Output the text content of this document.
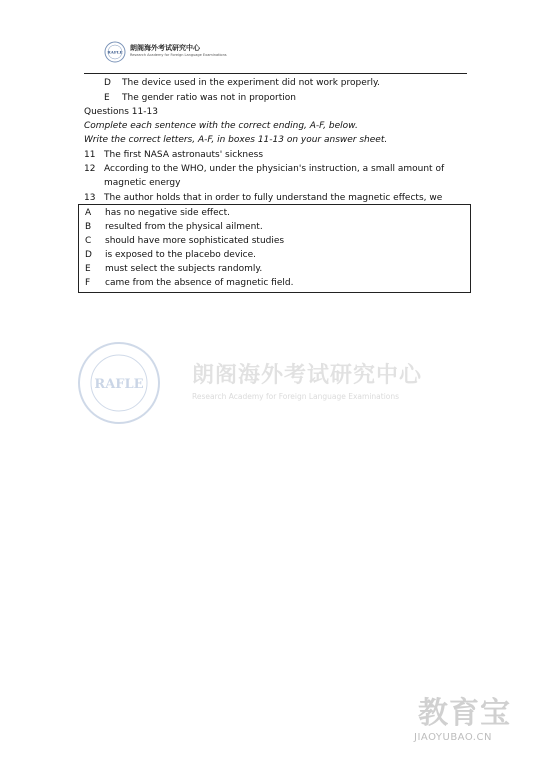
RAFLE 朗阁海外考试研究中心
Research Academy for Foreign Language Examinations
D The device used in the experiment did not work properly.
E The gender ratio was not in proportion
Questions 11-13
Complete each sentence with the correct ending, A-F, below.
Write the correct letters, A-F, in boxes 11-13 on your answer sheet.
11 The first NASA astronauts' sickness
12 According to the WHO, under the physician's instruction, a small amount of
magnetic energy
13 The author holds that in order to fully understand the magnetic effects, we
A has no negative side effect.
B resulted from the physical ailment.
C should have more sophisticated studies
D is exposed to the placebo device.
E must select the subjects randomly.
F came from the absence of magnetic field.
RAFLE 朗阁海外考试研究中心
Research Academy for Foreign Language Examinations
教育宝
JIAOYUBAO.CN
